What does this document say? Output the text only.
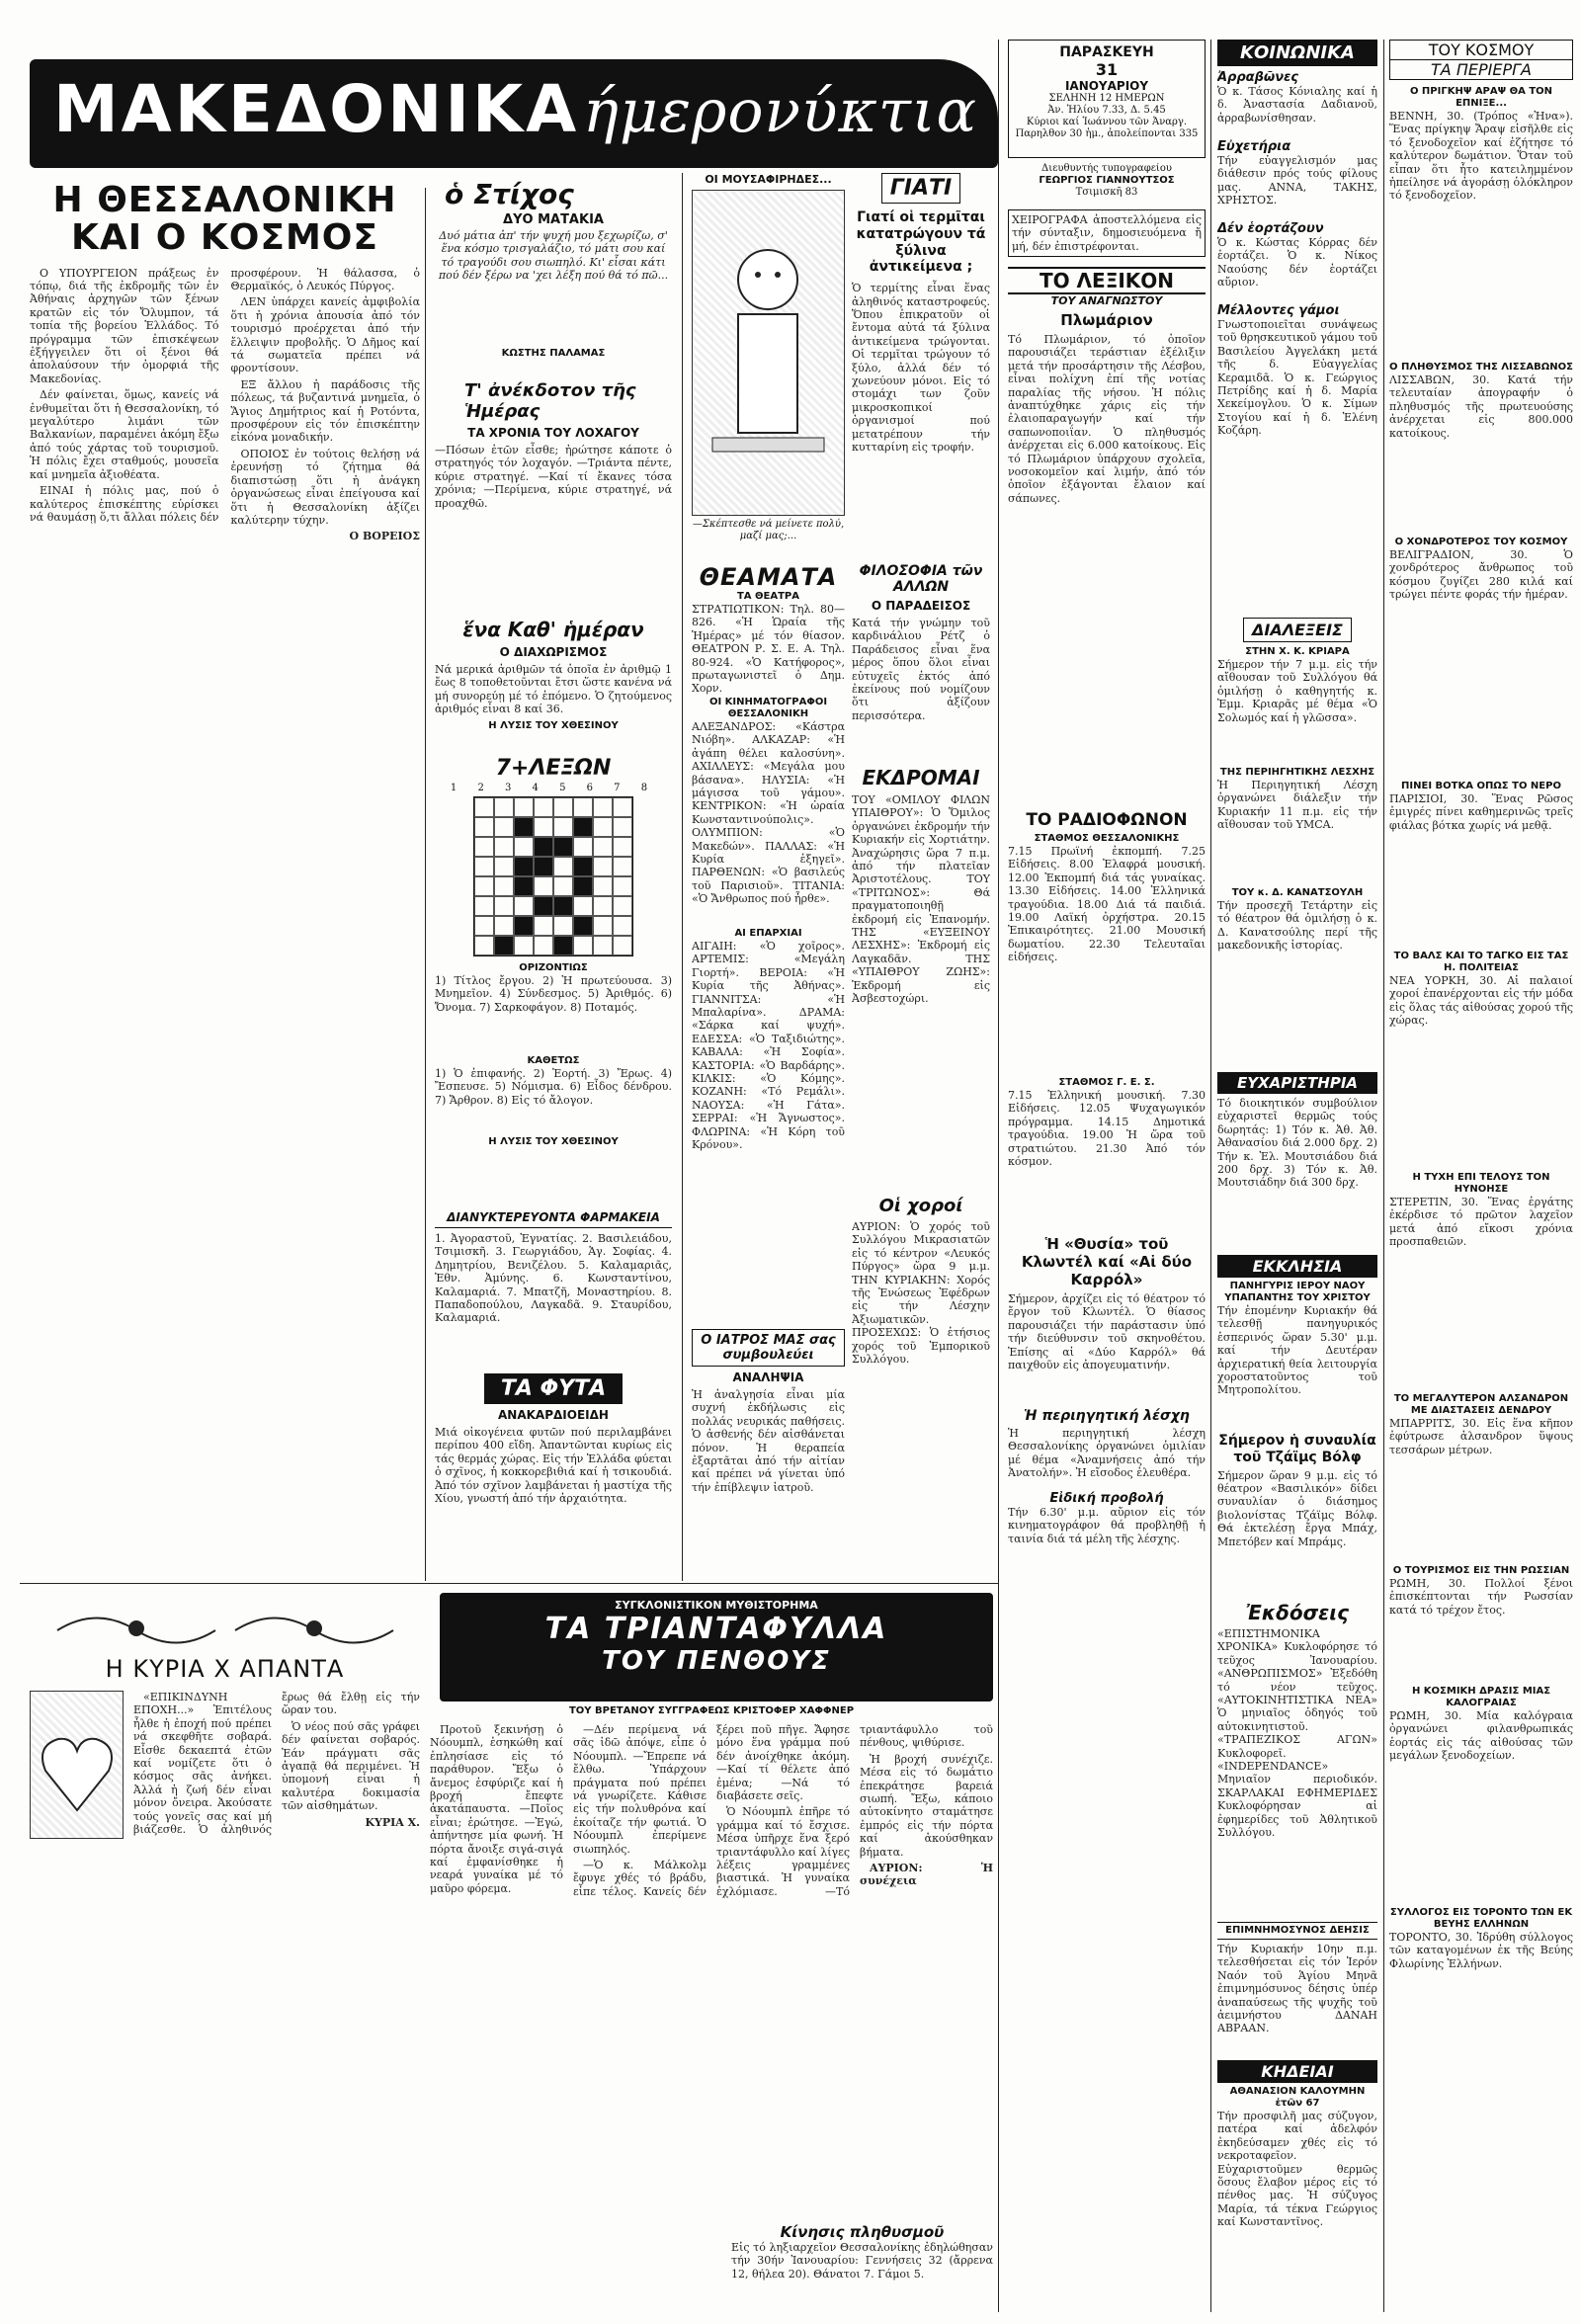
ΜΑΚΕΔΟΝΙΚΑ ήμερονύκτια
Η ΘΕΣΣΑΛΟΝΙΚΗ
ΚΑΙ Ο ΚΟΣΜΟΣ

Ο ΥΠΟΥΡΓΕΙΟΝ πράξεως ἐν τόπῳ, διά τῆς ἐκδρομῆς τῶν ἐν Ἀθήναις ἀρχηγῶν τῶν ξένων κρατῶν εἰς τόν Ὄλυμπον, τά τοπία τῆς βορείου Ἑλλάδος. Τό πρόγραμμα τῶν ἐπισκέψεων ἐξήγγειλεν ὅτι οἱ ξένοι θά ἀπολαύσουν τήν ὀμορφιά τῆς Μακεδονίας.

Δέν φαίνεται, ὅμως, κανείς νά ἐνθυμεῖται ὅτι ἡ Θεσσαλονίκη, τό μεγαλύτερο λιμάνι τῶν Βαλκανίων, παραμένει ἀκόμη ἔξω ἀπό τούς χάρτας τοῦ τουρισμοῦ. Ἡ πόλις ἔχει σταθμούς, μουσεῖα καί μνημεῖα ἀξιοθέατα.

ΕΙΝΑΙ ἡ πόλις μας, πού ὁ καλύτερος ἐπισκέπτης εὑρίσκει νά θαυμάσῃ ὅ,τι ἄλλαι πόλεις δέν προσφέρουν. Ἡ θάλασσα, ὁ Θερμαϊκός, ὁ Λευκός Πύργος.

ΛΕΝ ὑπάρχει κανείς ἀμφιβολία ὅτι ἡ χρόνια ἀπουσία ἀπό τόν τουρισμό προέρχεται ἀπό τήν ἔλλειψιν προβολῆς. Ὁ Δῆμος καί τά σωματεῖα πρέπει νά φροντίσουν.

ΕΞ ἄλλου ἡ παράδοσις τῆς πόλεως, τά βυζαντινά μνημεῖα, ὁ Ἅγιος Δημήτριος καί ἡ Ροτόντα, προσφέρουν εἰς τόν ἐπισκέπτην εἰκόνα μοναδικήν.

ΟΠΟΙΟΣ ἐν τούτοις θελήσῃ νά ἐρευνήσῃ τό ζήτημα θά διαπιστώσῃ ὅτι ἡ ἀνάγκη ὀργανώσεως εἶναι ἐπείγουσα καί ὅτι ἡ Θεσσαλονίκη ἀξίζει καλύτερην τύχην.

Ο ΒΟΡΕΙΟΣ

ὁ Στίχος
ΔΥΟ ΜΑΤΑΚΙΑ
Δυό μάτια ἀπ' τήν ψυχή μου ξεχωρίζω, σ' ἕνα κόσμο τρισγαλάζιο, τό μάτι σου καί τό τραγούδι σου σιωπηλό. Κι' εἶσαι κάτι πού δέν ξέρω να 'χει λέξη πού θά τό πῶ...
ΚΩΣΤΗΣ ΠΑΛΑΜΑΣ
Τ' ἀνέκδοτον τῆς Ἡμέρας
ΤΑ ΧΡΟΝΙΑ ΤΟΥ ΛΟΧΑΓΟΥ
—Πόσων ἐτῶν εἶσθε; ἠρώτησε κάποτε ὁ στρατηγός τόν λοχαγόν. —Τριάντα πέντε, κύριε στρατηγέ. —Καί τί ἔκανες τόσα χρόνια; —Περίμενα, κύριε στρατηγέ, νά προαχθῶ.
ἕνα Καθ' ἡμέραν
Ο ΔΙΑΧΩΡΙΣΜΟΣ
Νά μερικά ἀριθμῶν τά ὁποῖα ἐν ἀριθμῷ 1 ἔως 8 τοποθετοῦνται ἔτσι ὥστε κανένα νά μή συνορεύῃ μέ τό ἑπόμενο. Ὁ ζητούμενος ἀριθμός εἶναι 8 καί 36.
Η ΛΥΣΙΣ ΤΟΥ ΧΘΕΣΙΝΟΥ
7+ΛΕΞΩΝ
1 2 3 4 5 6 7 8
ΟΡΙΖΟΝΤΙΩΣ
1) Τίτλος ἔργου. 2) Ἡ πρωτεύουσα. 3) Μνημεῖον. 4) Σύνδεσμος. 5) Ἀριθμός. 6) Ὄνομα. 7) Σαρκοφάγον. 8) Ποταμός.
ΚΑΘΕΤΩΣ
1) Ὁ ἐπιφανής. 2) Ἑορτή. 3) Ἔρως. 4) Ἔσπευσε. 5) Νόμισμα. 6) Εἶδος δένδρου. 7) Ἄρθρον. 8) Εἰς τό ἄλογον.
Η ΛΥΣΙΣ ΤΟΥ ΧΘΕΣΙΝΟΥ
ΔΙΑΝΥΚΤΕΡΕΥΟΝΤΑ ΦΑΡΜΑΚΕΙΑ
1. Ἀγοραστοῦ, Ἐγνατίας. 2. Βασιλειάδου, Τσιμισκῆ. 3. Γεωργιάδου, Ἁγ. Σοφίας. 4. Δημητρίου, Βενιζέλου. 5. Καλαμαριᾶς, Ἐθν. Ἀμύνης. 6. Κωνσταντίνου, Καλαμαριά. 7. Μπατζῆ, Μοναστηρίου. 8. Παπαδοπούλου, Λαγκαδᾶ. 9. Σταυρίδου, Καλαμαριά.
ΤΑ ΦΥΤΑ
ΑΝΑΚΑΡΔΙΟΕΙΔΗ
Μιά οἰκογένεια φυτῶν πού περιλαμβάνει περίπου 400 εἴδη. Ἀπαντῶνται κυρίως εἰς τάς θερμάς χώρας. Εἰς τήν Ἑλλάδα φύεται ὁ σχῖνος, ἡ κοκκορεβιθιά καί ἡ τσικουδιά. Ἀπό τόν σχῖνον λαμβάνεται ἡ μαστίχα τῆς Χίου, γνωστή ἀπό τήν ἀρχαιότητα.
ΟΙ ΜΟΥΣΑΦΙΡΗΔΕΣ...
—Σκέπτεσθε νά μείνετε πολύ, μαζί μας;...
ΓΙΑΤΙ
Γιατί οἱ τερμῖται κατατρώγουν τά ξύλινα ἀντικείμενα ;
Ὁ τερμίτης εἶναι ἕνας ἀληθινός καταστροφεύς. Ὅπου ἐπικρατοῦν οἱ ἔντομα αὐτά τά ξύλινα ἀντικείμενα τρώγονται. Οἱ τερμῖται τρώγουν τό ξύλο, ἀλλά δέν τό χωνεύουν μόνοι. Εἰς τό στομάχι των ζοῦν μικροσκοπικοί ὀργανισμοί πού μετατρέπουν τήν κυτταρίνη εἰς τροφήν.
ΘΕΑΜΑΤΑ
ΤΑ ΘΕΑΤΡΑ
ΣΤΡΑΤΙΩΤΙΚΟΝ: Τηλ. 80—826. «Ἡ Ὡραία τῆς Ἡμέρας» μέ τόν θίασον. ΘΕΑΤΡΟΝ Ρ. Σ. Ε. Α. Τηλ. 80-924. «Ὁ Κατήφορος», πρωταγωνιστεῖ ὁ Δημ. Χορν.
ΟΙ ΚΙΝΗΜΑΤΟΓΡΑΦΟΙ
ΘΕΣΣΑΛΟΝΙΚΗ
ΑΛΕΞΑΝΔΡΟΣ: «Κάστρα Νιόβη». ΑΛΚΑΖΑΡ: «Ἡ ἀγάπη θέλει καλοσύνη». ΑΧΙΛΛΕΥΣ: «Μεγάλα μου βάσανα». ΗΛΥΣΙΑ: «Ἡ μάγισσα τοῦ γάμου». ΚΕΝΤΡΙΚΟΝ: «Ἡ ὡραία Κωνσταντινούπολις». ΟΛΥΜΠΙΟΝ: «Ὁ Μακεδών». ΠΑΛΛΑΣ: «Ἡ Κυρία ἐξηγεῖ». ΠΑΡΘΕΝΩΝ: «Ὁ βασιλεύς τοῦ Παρισιοῦ». ΤΙΤΑΝΙΑ: «Ὁ Ἄνθρωπος πού ἦρθε».
ΑΙ ΕΠΑΡΧΙΑΙ
ΑΙΓΑΙΗ: «Ὁ χοῖρος». ΑΡΤΕΜΙΣ: «Μεγάλη Γιορτή». ΒΕΡΟΙΑ: «Ἡ Κυρία τῆς Ἀθήνας». ΓΙΑΝΝΙΤΣΑ: «Ἡ Μπαλαρίνα». ΔΡΑΜΑ: «Σάρκα καί ψυχή». ΕΔΕΣΣΑ: «Ὁ Ταξιδιώτης». ΚΑΒΑΛΑ: «Ἡ Σοφία». ΚΑΣΤΟΡΙΑ: «Ὁ Βαρδάρης». ΚΙΛΚΙΣ: «Ὁ Κόμης». ΚΟΖΑΝΗ: «Τό Ρεμάλι». ΝΑΟΥΣΑ: «Ἡ Γάτα». ΣΕΡΡΑΙ: «Ἡ Ἄγνωστος». ΦΛΩΡΙΝΑ: «Ἡ Κόρη τοῦ Κρόνου».
Ο ΙΑΤΡΟΣ ΜΑΣ σας συμβουλεύει
ΑΝΑΛΗΨΙΑ
Ἡ ἀναλγησία εἶναι μία συχνή ἐκδήλωσις εἰς πολλάς νευρικάς παθήσεις. Ὁ ἀσθενής δέν αἰσθάνεται πόνον. Ἡ θεραπεία ἐξαρτᾶται ἀπό τήν αἰτίαν καί πρέπει νά γίνεται ὑπό τήν ἐπίβλεψιν ἰατροῦ.
ΦΙΛΟΣΟΦΙΑ τῶν ΑΛΛΩΝ
Ο ΠΑΡΑΔΕΙΣΟΣ
Κατά τήν γνώμην τοῦ καρδινάλιου Ρέτζ ὁ Παράδεισος εἶναι ἕνα μέρος ὅπου ὅλοι εἶναι εὐτυχεῖς ἐκτός ἀπό ἐκείνους πού νομίζουν ὅτι ἀξίζουν περισσότερα.
ΕΚΔΡΟΜΑΙ
ΤΟΥ «ΟΜΙΛΟΥ ΦΙΛΩΝ ΥΠΑΙΘΡΟΥ»: Ὁ Ὅμιλος ὀργανώνει ἐκδρομήν τήν Κυριακήν εἰς Χορτιάτην. Ἀναχώρησις ὥρα 7 π.μ. ἀπό τήν πλατεῖαν Ἀριστοτέλους. ΤΟΥ «ΤΡΙΤΩΝΟΣ»: Θά πραγματοποιηθῇ ἐκδρομή εἰς Ἐπανομήν. ΤΗΣ «ΕΥΞΕΙΝΟΥ ΛΕΣΧΗΣ»: Ἐκδρομή εἰς Λαγκαδᾶν. ΤΗΣ «ΥΠΑΙΘΡΟΥ ΖΩΗΣ»: Ἐκδρομή εἰς Ἀσβεστοχώρι.
Οἱ χοροί
ΑΥΡΙΟΝ: Ὁ χορός τοῦ Συλλόγου Μικρασιατῶν εἰς τό κέντρον «Λευκός Πύργος» ὥρα 9 μ.μ. ΤΗΝ ΚΥΡΙΑΚΗΝ: Χορός τῆς Ἐνώσεως Ἐφέδρων εἰς τήν Λέσχην Ἀξιωματικῶν. ΠΡΟΣΕΧΩΣ: Ὁ ἐτήσιος χορός τοῦ Ἐμπορικοῦ Συλλόγου.
ΠΑΡΑΣΚΕΥΗ
31
ΙΑΝΟΥΑΡΙΟΥ
ΣΕΛΗΝΗ 12 ΗΜΕΡΩΝ
Ἀν. Ἡλίου 7.33, Δ. 5.45
Κύριοι καί Ἰωάννου τῶν Ἀναργ.
Παρηλθον 30 ἡμ., ἀπολείπονται 335
Διευθυντής τυπογραφείου
ΓΕΩΡΓΙΟΣ ΓΙΑΝΝΟΥΤΣΟΣ
Τσιμισκῆ 83
ΧΕΙΡΟΓΡΑΦΑ ἀποστελλόμενα εἰς τήν σύνταξιν, δημοσιευόμενα ἤ μή, δέν ἐπιστρέφονται.
ΤΟ ΛΕΞΙΚΟΝ
ΤΟΥ ΑΝΑΓΝΩΣΤΟΥ
Πλωμάριον
Τό Πλωμάριον, τό ὁποῖον παρουσιάζει τεράστιαν ἐξέλιξιν μετά τήν προσάρτησιν τῆς Λέσβου, εἶναι πολίχνη ἐπί τῆς νοτίας παραλίας τῆς νήσου. Ἡ πόλις ἀναπτύχθηκε χάρις εἰς τήν ἐλαιοπαραγωγήν καί τήν σαπωνοποιΐαν. Ὁ πληθυσμός ἀνέρχεται εἰς 6.000 κατοίκους. Εἰς τό Πλωμάριον ὑπάρχουν σχολεῖα, νοσοκομεῖον καί λιμήν, ἀπό τόν ὁποῖον ἐξάγονται ἔλαιον καί σάπωνες.
ΤΟ ΡΑΔΙΟΦΩΝΟΝ
ΣΤΑΘΜΟΣ ΘΕΣΣΑΛΟΝΙΚΗΣ
7.15 Πρωϊνή ἐκπομπή. 7.25 Εἰδήσεις. 8.00 Ἑλαφρά μουσική. 12.00 Ἐκπομπή διά τάς γυναίκας. 13.30 Εἰδήσεις. 14.00 Ἐλληνικά τραγούδια. 18.00 Διά τά παιδιά. 19.00 Λαϊκή ὀρχήστρα. 20.15 Ἐπικαιρότητες. 21.00 Μουσική δωματίου. 22.30 Τελευταῖαι εἰδήσεις.
ΣΤΑΘΜΟΣ Γ. Ε. Σ.
7.15 Ἑλληνική μουσική. 7.30 Εἰδήσεις. 12.05 Ψυχαγωγικόν πρόγραμμα. 14.15 Δημοτικά τραγούδια. 19.00 Ἡ ὥρα τοῦ στρατιώτου. 21.30 Ἀπό τόν κόσμον.
Ἡ «Θυσία» τοῦ Κλωντέλ καί «Αἱ δύο Καρρόλ»
Σήμερον, ἀρχίζει εἰς τό θέατρον τό ἔργον τοῦ Κλωντέλ. Ὁ θίασος παρουσιάζει τήν παράστασιν ὑπό τήν διεύθυνσιν τοῦ σκηνοθέτου. Ἐπίσης αἱ «Δύο Καρρόλ» θά παιχθοῦν εἰς ἀπογευματινήν.
Ἡ περιηγητική λέσχη
Ἡ περιηγητική λέσχη Θεσσαλονίκης ὀργανώνει ὁμιλίαν μέ θέμα «Ἀναμνήσεις ἀπό τήν Ἀνατολήν». Ἡ εἴσοδος ἐλευθέρα.
Εἰδική προβολή
Τήν 6.30' μ.μ. αὔριον εἰς τόν κινηματογράφον θά προβληθῇ ἡ ταινία διά τά μέλη τῆς λέσχης.
Η ΚΥΡΙΑ Χ ΑΠΑΝΤΑ

«ΕΠΙΚΙΝΔΥΝΗ ΕΠΟΧΗ...» Ἐπιτέλους ἦλθε ἡ ἐποχή πού πρέπει νά σκεφθῆτε σοβαρά. Εἶσθε δεκαεπτά ἐτῶν καί νομίζετε ὅτι ὁ κόσμος σᾶς ἀνήκει. Ἀλλά ἡ ζωή δέν εἶναι μόνον ὄνειρα. Ἀκούσατε τούς γονεῖς σας καί μή βιάζεσθε. Ὁ ἀληθινός ἔρως θά ἔλθῃ εἰς τήν ὥραν του.

Ὁ νέος πού σᾶς γράφει δέν φαίνεται σοβαρός. Ἐάν πράγματι σᾶς ἀγαπᾷ θά περιμένει. Ἡ ὑπομονή εἶναι ἡ καλυτέρα δοκιμασία τῶν αἰσθημάτων.

ΚΥΡΙΑ Χ.

ΣΥΓΚΛΟΝΙΣΤΙΚΟΝ ΜΥΘΙΣΤΟΡΗΜΑ
ΤΑ ΤΡΙΑΝΤΑΦΥΛΛΑ
ΤΟΥ ΠΕΝΘΟΥΣ
ΤΟΥ ΒΡΕΤΑΝΟΥ ΣΥΓΓΡΑΦΕΩΣ ΚΡΙΣΤΟΦΕΡ ΧΑΦΦΝΕΡ

Προτοῦ ξεκινήσῃ ὁ Νόουμπλ, ἐσηκώθη καί ἐπλησίασε εἰς τό παράθυρον. Ἔξω ὁ ἄνεμος ἐσφύριζε καί ἡ βροχή ἔπεφτε ἀκατάπαυστα. —Ποῖος εἶναι; ἐρώτησε. —Ἐγώ, ἀπήντησε μία φωνή. Ἡ πόρτα ἄνοιξε σιγά-σιγά καί ἐμφανίσθηκε ἡ νεαρά γυναίκα μέ τό μαῦρο φόρεμα.

—Δέν περίμενα νά σᾶς ἰδῶ ἀπόψε, εἶπε ὁ Νόουμπλ. —Ἔπρεπε νά ἔλθω. Ὑπάρχουν πράγματα πού πρέπει νά γνωρίζετε. Κάθισε εἰς τήν πολυθρόνα καί ἐκοίταζε τήν φωτιά. Ὁ Νόουμπλ ἐπερίμενε σιωπηλός.

—Ὁ κ. Μάλκολμ ἔφυγε χθές τό βράδυ, εἶπε τέλος. Κανείς δέν ξέρει ποῦ πῆγε. Ἄφησε μόνο ἕνα γράμμα πού δέν ἀνοίχθηκε ἀκόμη. —Καί τί θέλετε ἀπό ἐμένα; —Νά τό διαβάσετε σεῖς.

Ὁ Νόουμπλ ἐπῆρε τό γράμμα καί τό ἔσχισε. Μέσα ὑπῆρχε ἕνα ξερό τριαντάφυλλο καί λίγες λέξεις γραμμένες βιαστικά. Ἡ γυναίκα ἐχλόμιασε. —Τό τριαντάφυλλο τοῦ πένθους, ψιθύρισε.

Ἡ βροχή συνέχιζε. Μέσα εἰς τό δωμάτιο ἐπεκράτησε βαρειά σιωπή. Ἔξω, κάποιο αὐτοκίνητο σταμάτησε ἐμπρός εἰς τήν πόρτα καί ἀκούσθηκαν βήματα.

ΑΥΡΙΟΝ: Ἡ συνέχεια

Κίνησις πληθυσμοῦ
Εἰς τό ληξιαρχεῖον Θεσσαλονίκης ἐδηλώθησαν τήν 30ήν Ἰανουαρίου: Γεννήσεις 32 (ἄρρενα 12, θήλεα 20). Θάνατοι 7. Γάμοι 5.
ΚΟΙΝΩΝΙΚΑ
Ἀρραβῶνες
Ὁ κ. Τάσος Κόνιαλης καί ἡ δ. Ἀναστασία Δαδιανοῦ, ἀρραβωνίσθησαν.
Εὐχετήρια
Τήν εὐαγγελισμόν μας διάθεσιν πρός τούς φίλους μας. ΑΝΝΑ, ΤΑΚΗΣ, ΧΡΗΣΤΟΣ.
Δέν ἑορτάζουν
Ὁ κ. Κώστας Κόρρας δέν ἑορτάζει. Ὁ κ. Νίκος Ναούσης δέν ἑορτάζει αὔριον.
Μέλλοντες γάμοι
Γνωστοποιεῖται συνάψεως τοῦ θρησκευτικοῦ γάμου τοῦ Βασιλείου Ἀγγελάκη μετά τῆς δ. Εὐαγγελίας Κεραμιδᾶ. Ὁ κ. Γεώργιος Πετρίδης καί ἡ δ. Μαρία Χεκείμογλου. Ὁ κ. Σίμων Στογίου καί ἡ δ. Ἑλένη Κοζάρη.
ΔΙΑΛΕΞΕΙΣ
ΣΤΗΝ Χ. Κ. ΚΡΙΑΡΑ
Σήμερον τήν 7 μ.μ. εἰς τήν αἴθουσαν τοῦ Συλλόγου θά ὁμιλήσῃ ὁ καθηγητής κ. Ἐμμ. Κριαρᾶς μέ θέμα «Ὁ Σολωμός καί ἡ γλῶσσα».
ΤΗΣ ΠΕΡΙΗΓΗΤΙΚΗΣ ΛΕΣΧΗΣ
Ἡ Περιηγητική Λέσχη ὀργανώνει διάλεξιν τήν Κυριακήν 11 π.μ. εἰς τήν αἴθουσαν τοῦ ΥΜCA.
ΤΟΥ κ. Δ. ΚΑΝΑΤΣΟΥΛΗ
Τήν προσεχῆ Τετάρτην εἰς τό θέατρον θά ὁμιλήσῃ ὁ κ. Δ. Κανατσούλης περί τῆς μακεδονικῆς ἱστορίας.
ΕΥΧΑΡΙΣΤΗΡΙΑ
Τό διοικητικόν συμβούλιον εὐχαριστεῖ θερμῶς τούς δωρητάς: 1) Τόν κ. Ἀθ. Ἀθ. Ἀθανασίου διά 2.000 δρχ. 2) Τήν κ. Ἐλ. Μουτσιάδου διά 200 δρχ. 3) Τόν κ. Ἀθ. Μουτσιάδην διά 300 δρχ.
ΕΚΚΛΗΣΙΑ
ΠΑΝΗΓΥΡΙΣ ΙΕΡΟΥ ΝΑΟΥ ΥΠΑΠΑΝΤΗΣ ΤΟΥ ΧΡΙΣΤΟΥ
Τήν ἐπομένην Κυριακήν θά τελεσθῇ πανηγυρικός ἑσπερινός ὥραν 5.30' μ.μ. καί τήν Δευτέραν ἀρχιερατική θεία λειτουργία χοροστατοῦντος τοῦ Μητροπολίτου.
Σήμερον ἡ συναυλία τοῦ Τζάϊμς Βόλφ
Σήμερον ὥραν 9 μ.μ. εἰς τό θέατρον «Βασιλικόν» δίδει συναυλίαν ὁ διάσημος βιολονίστας Τζάϊμς Βόλφ. Θά ἐκτελέσῃ ἔργα Μπάχ, Μπετόβεν καί Μπράμς.
Ἐκδόσεις
«ΕΠΙΣΤΗΜΟΝΙΚΑ ΧΡΟΝΙΚΑ» Κυκλοφόρησε τό τεῦχος Ἰανουαρίου. «ΑΝΘΡΩΠΙΣΜΟΣ» Ἐξεδόθη τό νέον τεῦχος. «ΑΥΤΟΚΙΝΗΤΙΣΤΙΚΑ ΝΕΑ» Ὁ μηνιαῖος ὁδηγός τοῦ αὐτοκινητιστοῦ. «ΤΡΑΠΕΖΙΚΟΣ ΑΓΩΝ» Κυκλοφορεῖ. «INDEPENDANCE» Μηνιαῖον περιοδικόν. ΣΚΑΡΛΑΚΑΙ ΕΦΗΜΕΡΙΔΕΣ Κυκλοφόρησαν αἱ ἐφημερίδες τοῦ Ἀθλητικοῦ Συλλόγου.
ΕΠΙΜΝΗΜΟΣΥΝΟΣ ΔΕΗΣΙΣ
Τήν Κυριακήν 10ην π.μ. τελεσθήσεται εἰς τόν Ἱερόν Ναόν τοῦ Ἁγίου Μηνᾶ ἐπιμνημόσυνος δέησις ὑπέρ ἀναπαύσεως τῆς ψυχῆς τοῦ ἀειμνήστου ΔΑΝΑΗ ΑΒΡΑΑΝ.
ΚΗΔΕΙΑΙ
ΑΘΑΝΑΣΙΟΝ ΚΑΛΟΥΜΗΝ ἐτῶν 67
Τήν προσφιλῆ μας σύζυγον, πατέρα καί ἀδελφόν ἐκηδεύσαμεν χθές εἰς τό νεκροταφεῖον. Εὐχαριστοῦμεν θερμῶς ὅσους ἔλαβον μέρος εἰς τό πένθος μας. Ἡ σύζυγος Μαρία, τά τέκνα Γεώργιος καί Κωνσταντῖνος.
ΤΟΥ ΚΟΣΜΟΥ
ΤΑ ΠΕΡΙΕΡΓΑ
Ο ΠΡΙΓΚΗΨ ΑΡΑΨ ΘΑ ΤΟΝ ΕΠΝΙΞΕ...
ΒΕΝΝΗ, 30. (Τρόπος «Ἡνα»). Ἕνας πρίγκηψ Ἄραψ εἰσῆλθε εἰς τό ξενοδοχεῖον καί ἐζήτησε τό καλύτερον δωμάτιον. Ὅταν τοῦ εἶπαν ὅτι ἦτο κατειλημμένον ἠπείλησε νά ἀγοράσῃ ὁλόκληρον τό ξενοδοχεῖον.
Ο ΠΛΗΘΥΣΜΟΣ ΤΗΣ ΛΙΣΣΑΒΩΝΟΣ
ΛΙΣΣΑΒΩΝ, 30. Κατά τήν τελευταίαν ἀπογραφήν ὁ πληθυσμός τῆς πρωτευούσης ἀνέρχεται εἰς 800.000 κατοίκους.
Ο ΧΟΝΔΡΟΤΕΡΟΣ ΤΟΥ ΚΟΣΜΟΥ
ΒΕΛΙΓΡΑΔΙΟΝ, 30. Ὁ χονδρότερος ἄνθρωπος τοῦ κόσμου ζυγίζει 280 κιλά καί τρώγει πέντε φοράς τήν ἡμέραν.
ΠΙΝΕΙ ΒΟΤΚΑ ΟΠΩΣ ΤΟ ΝΕΡΟ
ΠΑΡΙΣΙΟΙ, 30. Ἕνας Ρῶσος ἐμιγρές πίνει καθημερινῶς τρεῖς φιάλας βότκα χωρίς νά μεθᾷ.
ΤΟ ΒΑΛΣ ΚΑΙ ΤΟ ΤΑΓΚΟ ΕΙΣ ΤΑΣ Η. ΠΟΛΙΤΕΙΑΣ
ΝΕΑ ΥΟΡΚΗ, 30. Αἱ παλαιοί χοροί ἐπανέρχονται εἰς τήν μόδα εἰς ὅλας τάς αἰθούσας χορού τῆς χώρας.
Η ΤΥΧΗ ΕΠΙ ΤΕΛΟΥΣ ΤΟΝ ΗΥΝΟΗΣΕ
ΣΤΕΡΕΤΙΝ, 30. Ἕνας ἐργάτης ἐκέρδισε τό πρῶτον λαχεῖον μετά ἀπό εἴκοσι χρόνια προσπαθειῶν.
ΤΟ ΜΕΓΑΛΥΤΕΡΟΝ ΑΛΣΑΝΔΡΟΝ ΜΕ ΔΙΑΣΤΑΣΕΙΣ ΔΕΝΔΡΟΥ
ΜΠΑΡΡΙΤΣ, 30. Εἰς ἕνα κῆπον ἐφύτρωσε ἀλσανδρον ὕψους τεσσάρων μέτρων.
Ο ΤΟΥΡΙΣΜΟΣ ΕΙΣ ΤΗΝ ΡΩΣΣΙΑΝ
ΡΩΜΗ, 30. Πολλοί ξένοι ἐπισκέπτονται τήν Ρωσσίαν κατά τό τρέχον ἔτος.
Η ΚΟΣΜΙΚΗ ΔΡΑΣΙΣ ΜΙΑΣ ΚΑΛΟΓΡΑΙΑΣ
ΡΩΜΗ, 30. Μία καλόγραια ὀργανώνει φιλανθρωπικάς ἑορτάς εἰς τάς αἰθούσας τῶν μεγάλων ξενοδοχείων.
ΣΥΛΛΟΓΟΣ ΕΙΣ ΤΟΡΟΝΤΟ ΤΩΝ ΕΚ ΒΕΥΗΣ ΕΛΛΗΝΩΝ
ΤΟΡΟΝΤΟ, 30. Ἱδρύθη σύλλογος τῶν καταγομένων ἐκ τῆς Βεύης Φλωρίνης Ἑλλήνων.
